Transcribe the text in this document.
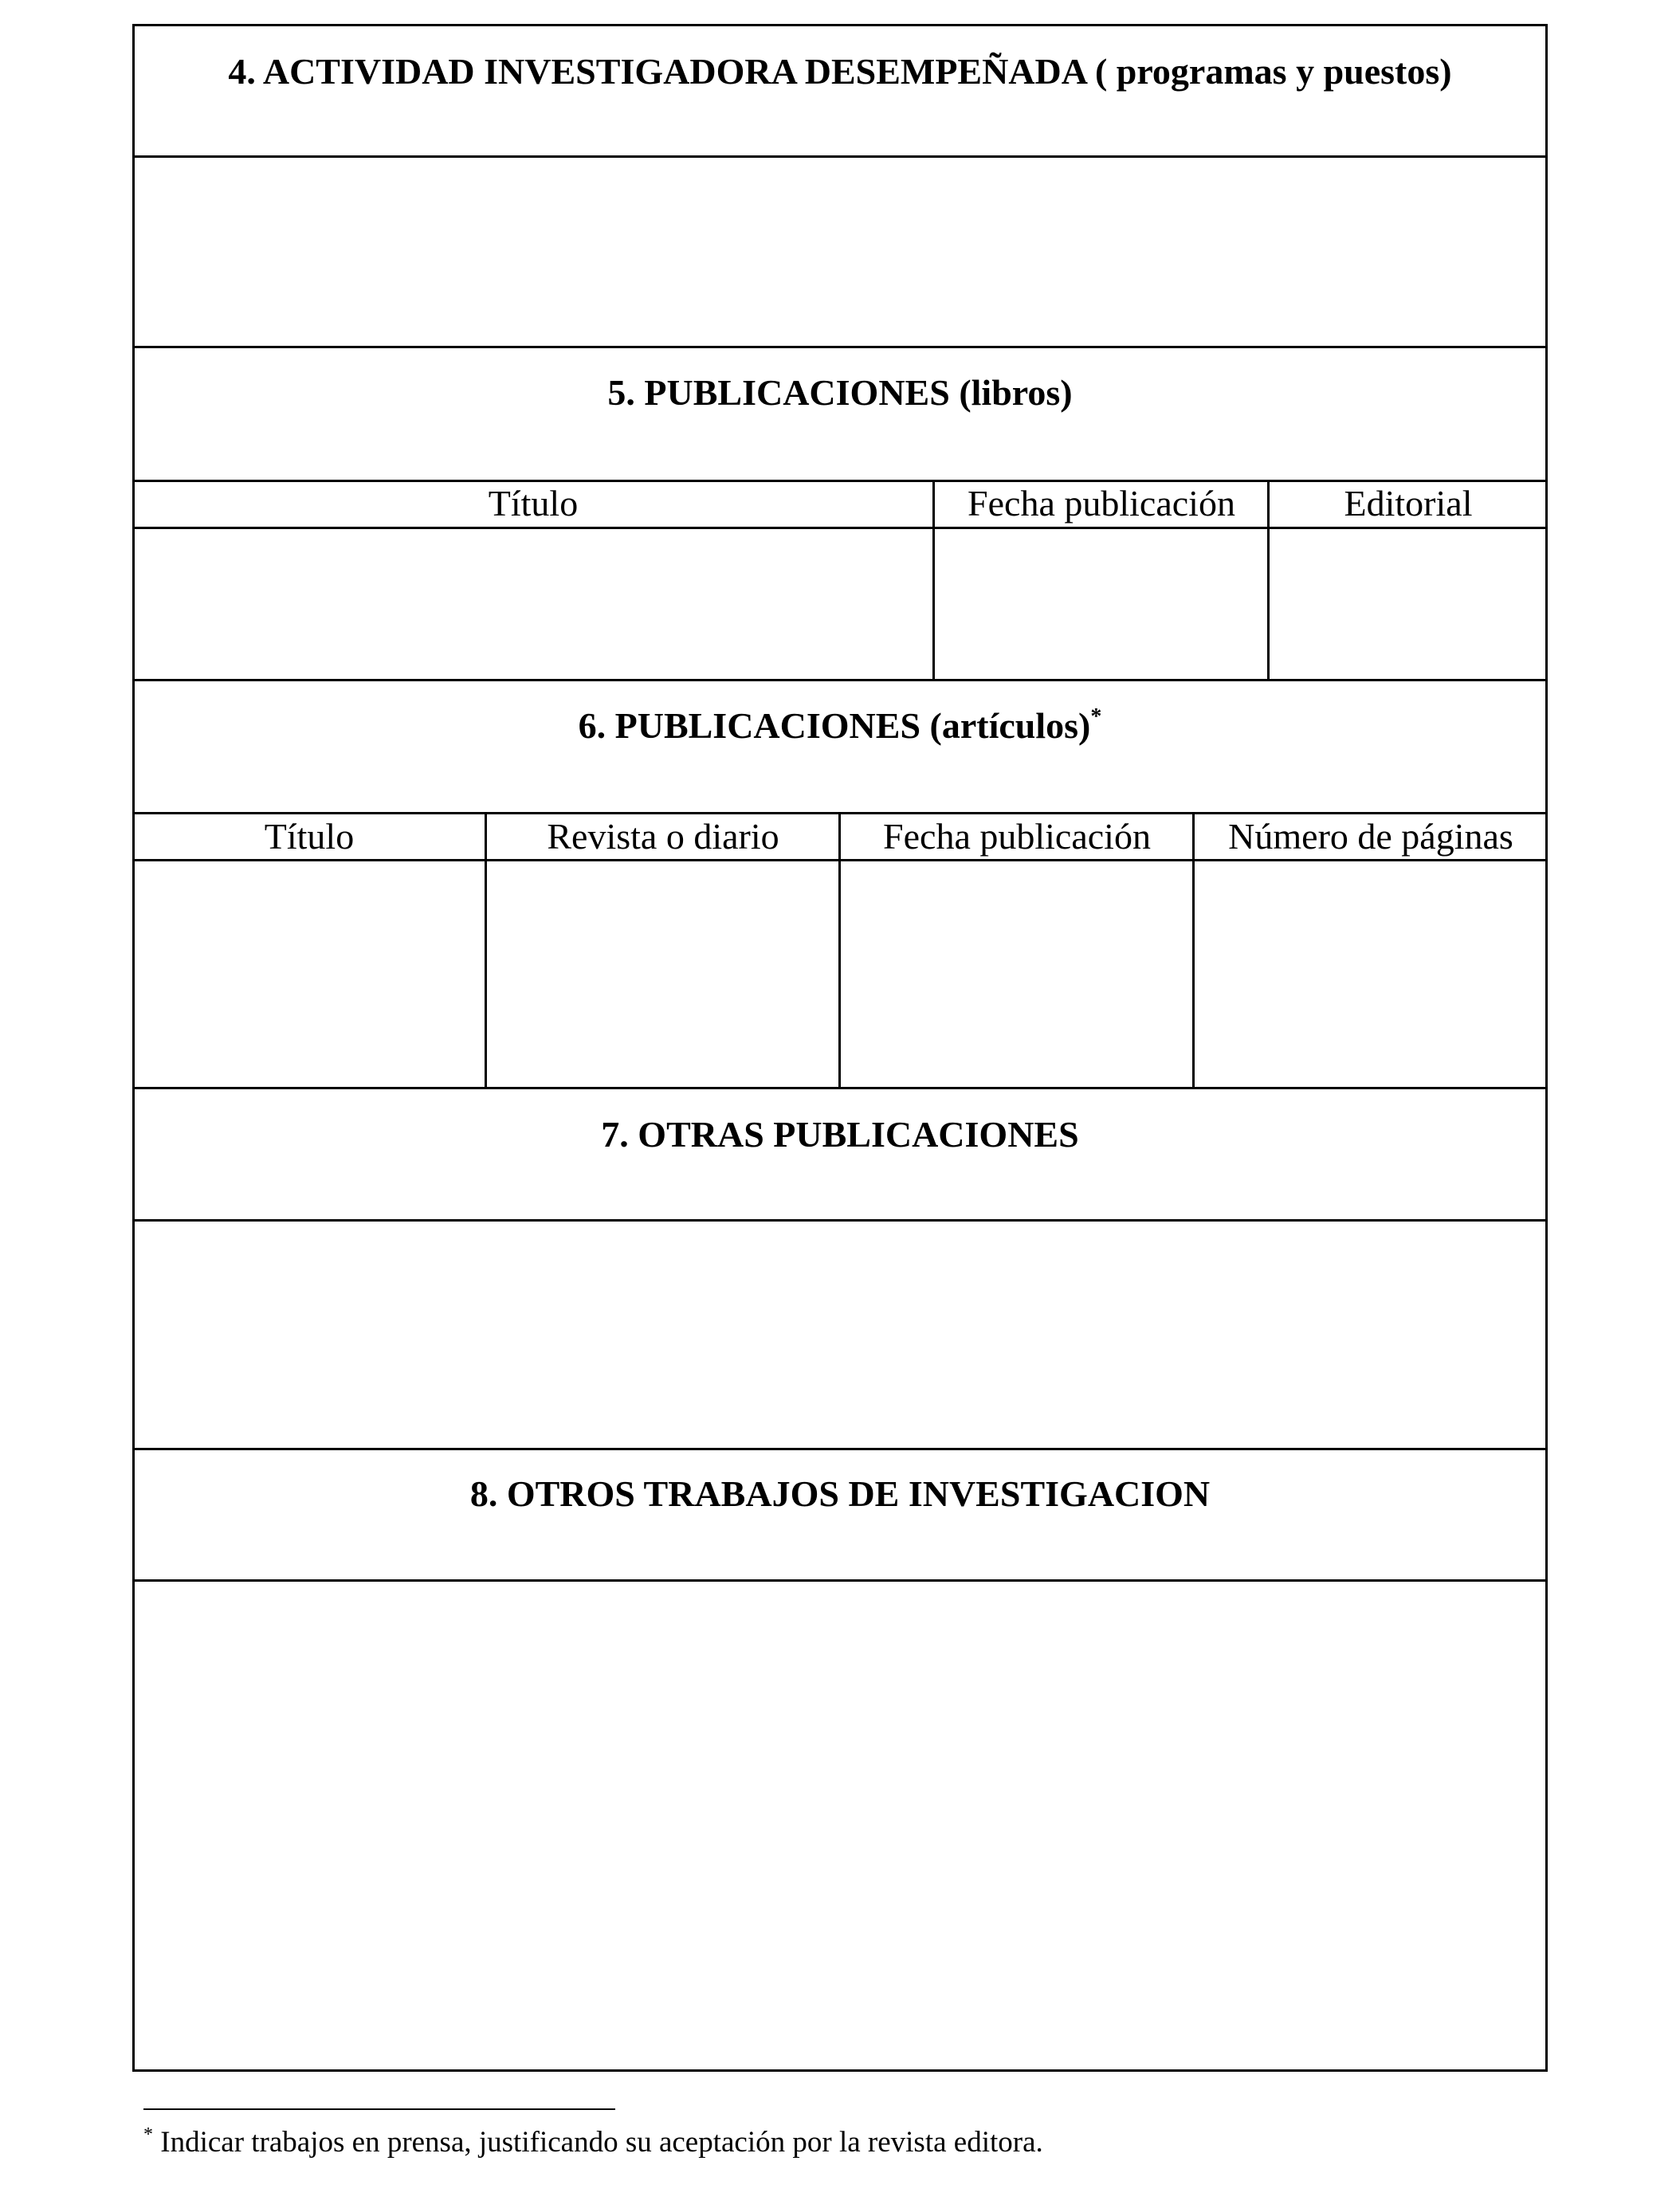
4. ACTIVIDAD INVESTIGADORA DESEMPEÑADA ( programas y puestos)
5. PUBLICACIONES (libros)
Título	Fecha publicación	Editorial
6. PUBLICACIONES (artículos)*
Título	Revista o diario	Fecha publicación	Número de páginas
7. OTRAS PUBLICACIONES
8. OTROS TRABAJOS DE INVESTIGACION
* Indicar trabajos en prensa, justificando su aceptación por la revista editora.
